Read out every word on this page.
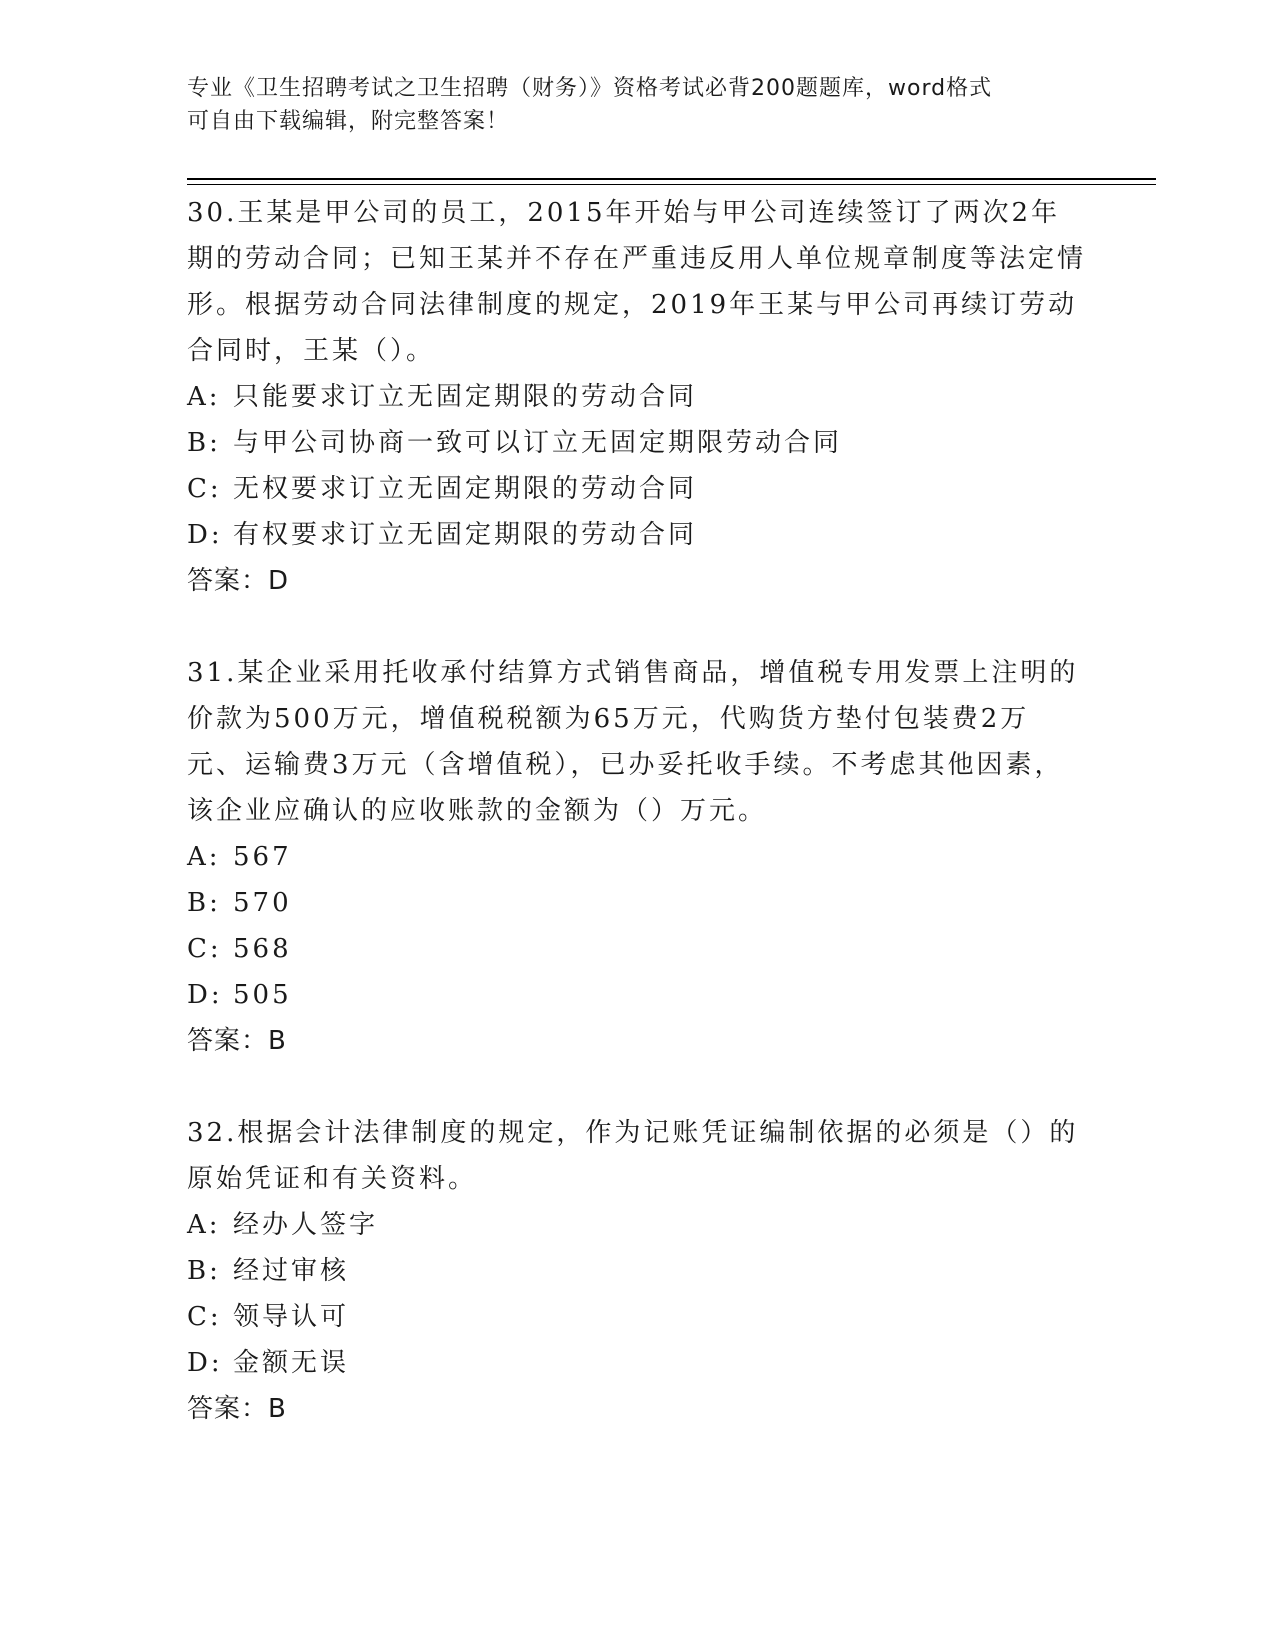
专业《卫生招聘考试之卫生招聘（财务）》资格考试必背200题题库，word格式
可自由下载编辑，附完整答案！

30.王某是甲公司的员工，2015年开始与甲公司连续签订了两次2年期的劳动合同；已知王某并不存在严重违反用人单位规章制度等法定情形。根据劳动合同法律制度的规定，2019年王某与甲公司再续订劳动合同时，王某（）。

A: 只能要求订立无固定期限的劳动合同

B: 与甲公司协商一致可以订立无固定期限劳动合同

C: 无权要求订立无固定期限的劳动合同

D: 有权要求订立无固定期限的劳动合同

答案：D

31.某企业采用托收承付结算方式销售商品，增值税专用发票上注明的价款为500万元，增值税税额为65万元，代购货方垫付包装费2万元、运输费3万元（含增值税），已办妥托收手续。不考虑其他因素，该企业应确认的应收账款的金额为（）万元。

A: 567

B: 570

C: 568

D: 505

答案：B

32.根据会计法律制度的规定，作为记账凭证编制依据的必须是（）的原始凭证和有关资料。

A: 经办人签字

B: 经过审核

C: 领导认可

D: 金额无误

答案：B
